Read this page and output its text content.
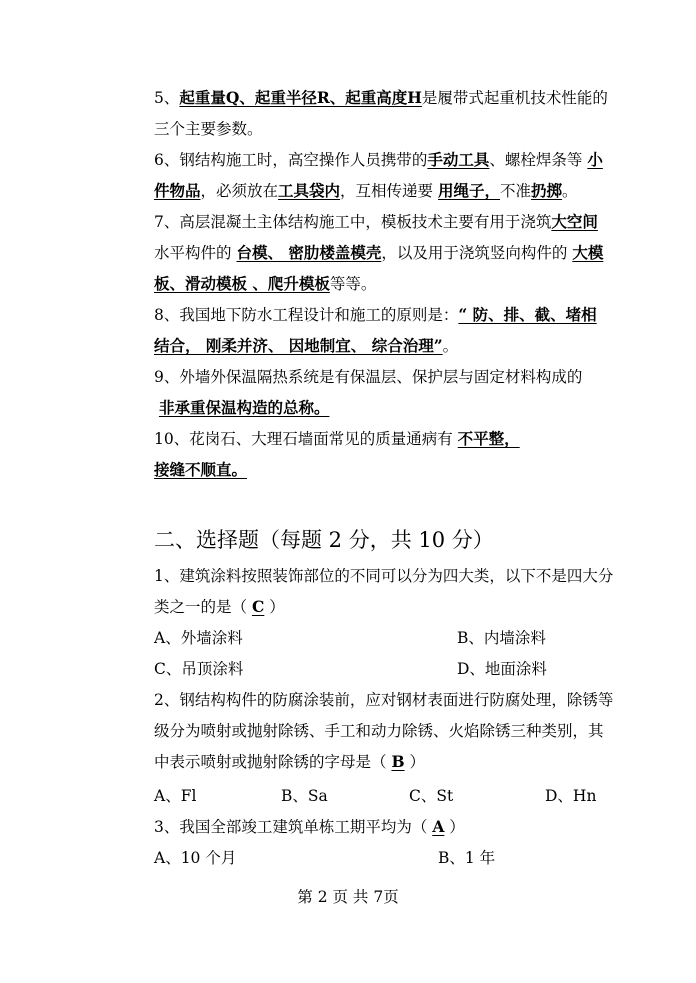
5、起重量Q、起重半径R、起重高度H是履带式起重机技术性能的
三个主要参数。
6、钢结构施工时，高空操作人员携带的手动工具、螺栓焊条等 小
件物品，必须放在工具袋内，互相传递要 用绳子，不准扔掷。
7、高层混凝土主体结构施工中，模板技术主要有用于浇筑大空间
水平构件的 台模、 密肋楼盖模壳，以及用于浇筑竖向构件的 大模
板、滑动模板 、爬升模板等等。
8、我国地下防水工程设计和施工的原则是：“ 防、排、截、堵相
结合， 刚柔并济、 因地制宜、 综合治理”。
9、外墙外保温隔热系统是有保温层、保护层与固定材料构成的
非承重保温构造的总称。
10、花岗石、大理石墙面常见的质量通病有 不平整，
接缝不顺直。
二、选择题（每题 2 分，共 10 分）
1、建筑涂料按照装饰部位的不同可以分为四大类，以下不是四大分
类之一的是（ C ）
A、外墙涂料	B、内墙涂料
C、吊顶涂料	D、地面涂料
2、钢结构构件的防腐涂装前，应对钢材表面进行防腐处理，除锈等
级分为喷射或抛射除锈、手工和动力除锈、火焰除锈三种类别，其
中表示喷射或抛射除锈的字母是（ B ）
A、Fl	B、Sa	C、St	D、Hn
3、我国全部竣工建筑单栋工期平均为（ A ）
A、10 个月	B、1 年
第 2 页 共 7页
